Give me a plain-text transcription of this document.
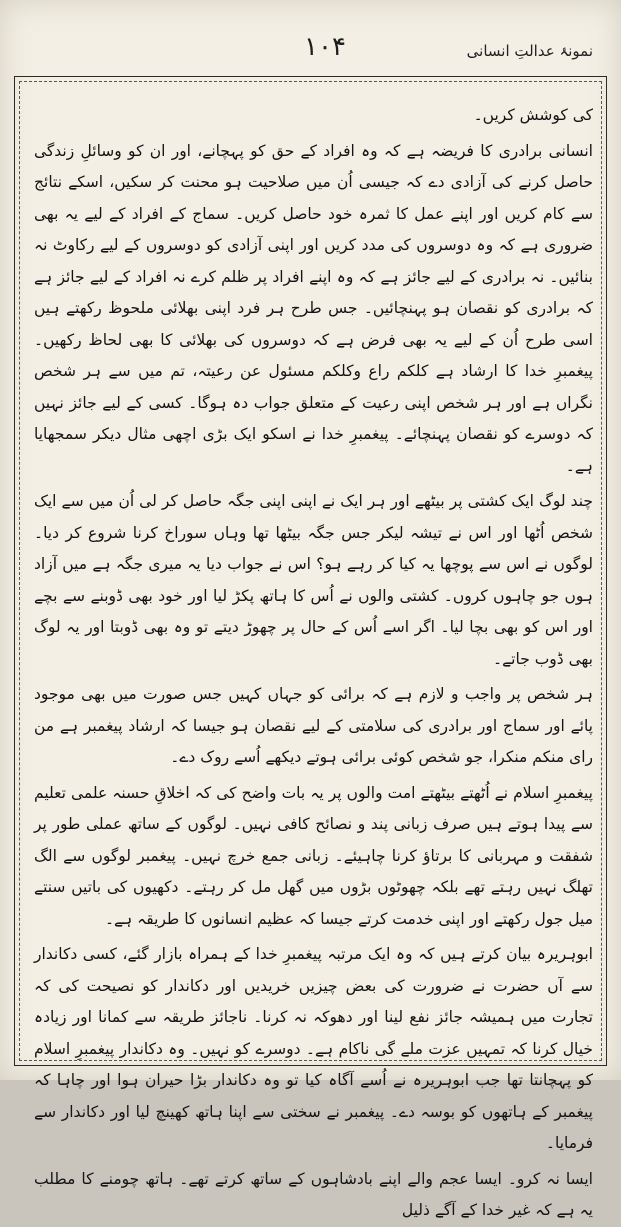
۱۰۴	نمونۂ عدالتِ انسانی

کی کوشش کریں۔

انسانی برادری کا فریضہ ہے کہ وہ افراد کے حق کو پہچانے، اور ان کو وسائلِ زندگی حاصل کرنے کی آزادی دے کہ جیسی اُن میں صلاحیت ہو محنت کر سکیں، اسکے نتائج سے کام کریں اور اپنے عمل کا ثمرہ خود حاصل کریں۔ سماج کے افراد کے لیے یہ بھی ضروری ہے کہ وہ دوسروں کی مدد کریں اور اپنی آزادی کو دوسروں کے لیے رکاوٹ نہ بنائیں۔ نہ برادری کے لیے جائز ہے کہ وہ اپنے افراد پر ظلم کرے نہ افراد کے لیے جائز ہے کہ برادری کو نقصان ہو پہنچائیں۔ جس طرح ہر فرد اپنی بھلائی ملحوظ رکھتے ہیں اسی طرح اُن کے لیے یہ بھی فرض ہے کہ دوسروں کی بھلائی کا بھی لحاظ رکھیں۔ پیغمبرِ خدا کا ارشاد ہے کلکم راع وکلکم مسئول عن رعیتہ، تم میں سے ہر شخص نگراں ہے اور ہر شخص اپنی رعیت کے متعلق جواب دہ ہوگا۔ کسی کے لیے جائز نہیں کہ دوسرے کو نقصان پہنچائے۔ پیغمبرِ خدا نے اسکو ایک بڑی اچھی مثال دیکر سمجھایا ہے۔

چند لوگ ایک کشتی پر بیٹھے اور ہر ایک نے اپنی اپنی جگہ حاصل کر لی اُن میں سے ایک شخص اُٹھا اور اس نے تیشہ لیکر جس جگہ بیٹھا تھا وہاں سوراخ کرنا شروع کر دیا۔ لوگوں نے اس سے پوچھا یہ کیا کر رہے ہو؟ اس نے جواب دیا یہ میری جگہ ہے میں آزاد ہوں جو چاہوں کروں۔ کشتی والوں نے اُس کا ہاتھ پکڑ لیا اور خود بھی ڈوبنے سے بچے اور اس کو بھی بچا لیا۔ اگر اسے اُس کے حال پر چھوڑ دیتے تو وہ بھی ڈوبتا اور یہ لوگ بھی ڈوب جاتے۔

ہر شخص پر واجب و لازم ہے کہ برائی کو جہاں کہیں جس صورت میں بھی موجود پائے اور سماج اور برادری کی سلامتی کے لیے نقصان ہو جیسا کہ ارشاد پیغمبر ہے من رای منکم منکرا، جو شخص کوئی برائی ہوتے دیکھے اُسے روک دے۔

پیغمبرِ اسلام نے اُٹھتے بیٹھتے امت والوں پر یہ بات واضح کی کہ اخلاقِ حسنہ علمی تعلیم سے پیدا ہوتے ہیں صرف زبانی پند و نصائح کافی نہیں۔ لوگوں کے ساتھ عملی طور پر شفقت و مہربانی کا برتاؤ کرنا چاہیئے۔ زبانی جمع خرچ نہیں۔ پیغمبر لوگوں سے الگ تھلگ نہیں رہتے تھے بلکہ چھوٹوں بڑوں میں گھل مل کر رہتے۔ دکھیوں کی باتیں سنتے میل جول رکھتے اور اپنی خدمت کرتے جیسا کہ عظیم انسانوں کا طریقہ ہے۔

ابوہریرہ بیان کرتے ہیں کہ وہ ایک مرتبہ پیغمبرِ خدا کے ہمراہ بازار گئے، کسی دکاندار سے آں حضرت نے ضرورت کی بعض چیزیں خریدیں اور دکاندار کو نصیحت کی کہ تجارت میں ہمیشہ جائز نفع لینا اور دھوکہ نہ کرنا۔ ناجائز طریقہ سے کمانا اور زیادہ خیال کرنا کہ تمہیں عزت ملے گی ناکام ہے۔ دوسرے کو نہیں۔ وہ دکاندار پیغمبرِ اسلام کو پہچانتا تھا جب ابوہریرہ نے اُسے آگاہ کیا تو وہ دکاندار بڑا حیران ہوا اور چاہا کہ پیغمبر کے ہاتھوں کو بوسہ دے۔ پیغمبر نے سختی سے اپنا ہاتھ کھینچ لیا اور دکاندار سے فرمایا۔

ایسا نہ کرو۔ ایسا عجم والے اپنے بادشاہوں کے ساتھ کرتے تھے۔ ہاتھ چومنے کا مطلب یہ ہے کہ غیر خدا کے آگے ذلیل
